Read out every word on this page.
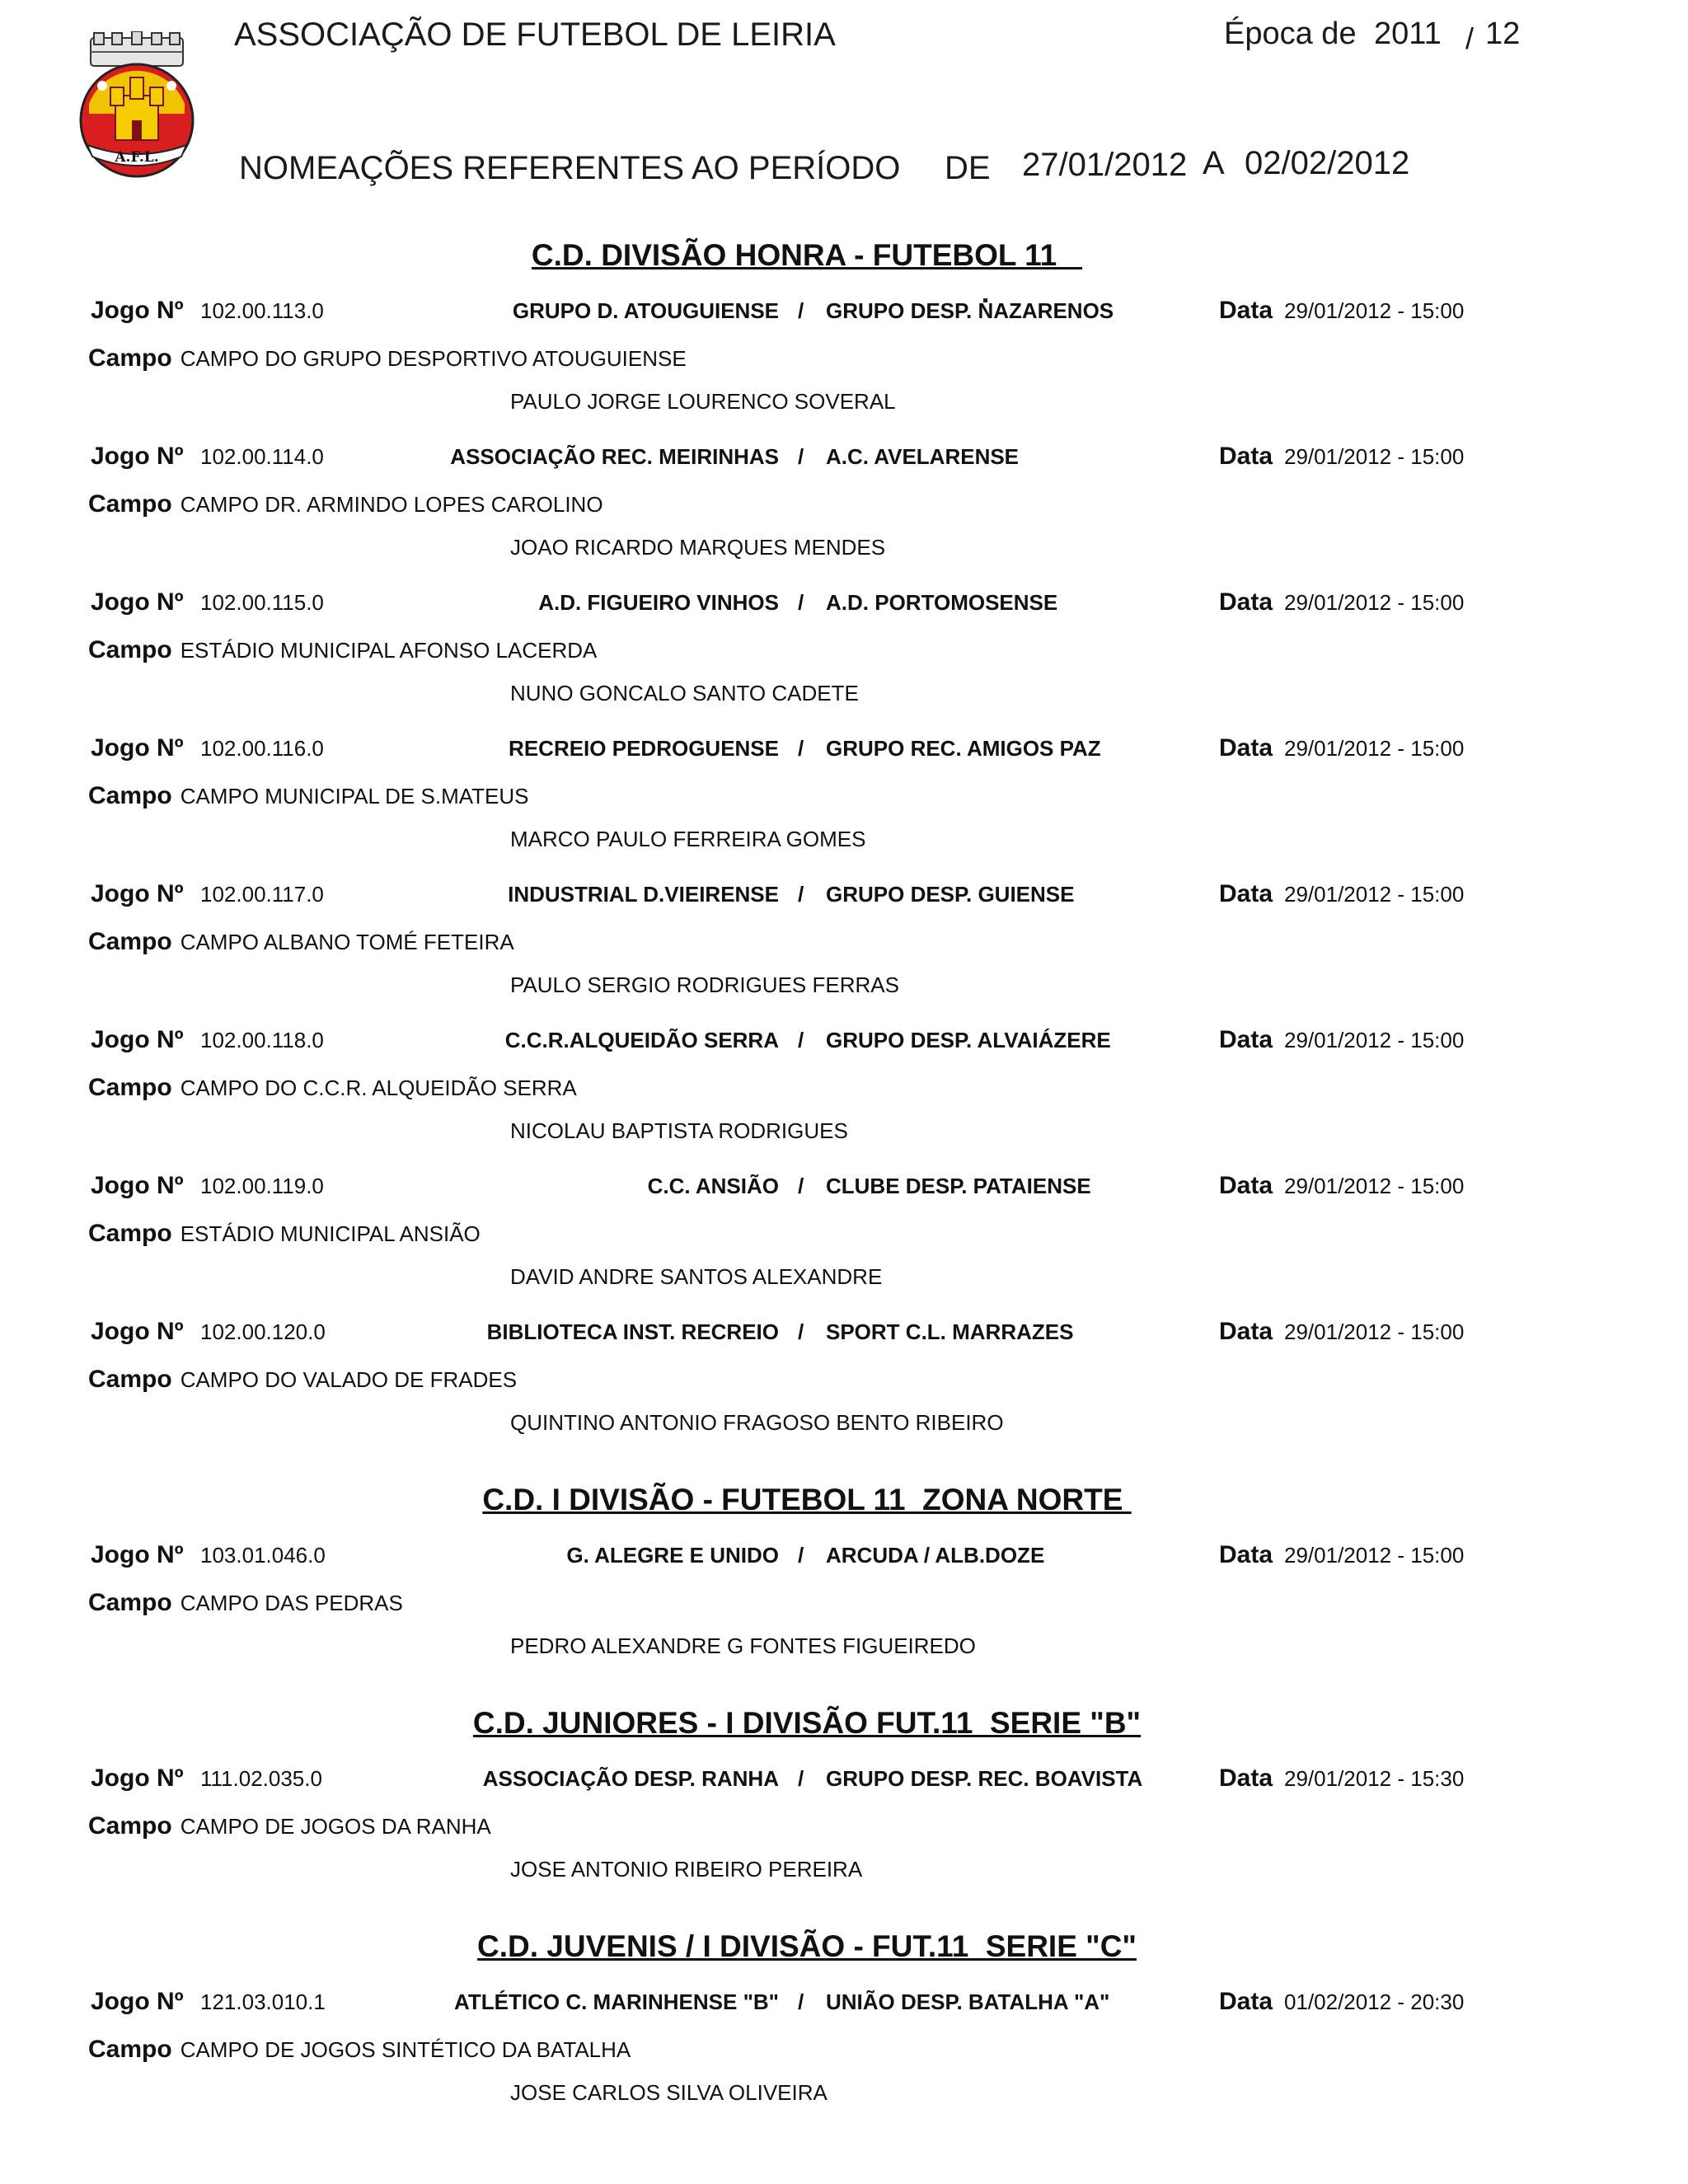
A.F.L.
ASSOCIAÇÃO DE FUTEBOL DE LEIRIA	Época de 2011 / 12
NOMEAÇÕES REFERENTES AO PERÍODO DE 27/01/2012 A 02/02/2012
C.D. DIVISÃO HONRA - FUTEBOL 11
Jogo Nº 102.00.113.0	GRUPO D. ATOUGUIENSE / GRUPO DESP. NAZARENOS	Data 29/01/2012 - 15:00
Campo CAMPO DO GRUPO DESPORTIVO ATOUGUIENSE
PAULO JORGE LOURENCO SOVERAL
Jogo Nº 102.00.114.0	ASSOCIAÇÃO REC. MEIRINHAS / A.C. AVELARENSE	Data 29/01/2012 - 15:00
Campo CAMPO DR. ARMINDO LOPES CAROLINO
JOAO RICARDO MARQUES MENDES
Jogo Nº 102.00.115.0	A.D. FIGUEIRO VINHOS / A.D. PORTOMOSENSE	Data 29/01/2012 - 15:00
Campo ESTÁDIO MUNICIPAL AFONSO LACERDA
NUNO GONCALO SANTO CADETE
Jogo Nº 102.00.116.0	RECREIO PEDROGUENSE / GRUPO REC. AMIGOS PAZ	Data 29/01/2012 - 15:00
Campo CAMPO MUNICIPAL DE S.MATEUS
MARCO PAULO FERREIRA GOMES
Jogo Nº 102.00.117.0	INDUSTRIAL D.VIEIRENSE / GRUPO DESP. GUIENSE	Data 29/01/2012 - 15:00
Campo CAMPO ALBANO TOMÉ FETEIRA
PAULO SERGIO RODRIGUES FERRAS
Jogo Nº 102.00.118.0	C.C.R.ALQUEIDÃO SERRA / GRUPO DESP. ALVAIÁZERE	Data 29/01/2012 - 15:00
Campo CAMPO DO C.C.R. ALQUEIDÃO SERRA
NICOLAU BAPTISTA RODRIGUES
Jogo Nº 102.00.119.0	C.C. ANSIÃO / CLUBE DESP. PATAIENSE	Data 29/01/2012 - 15:00
Campo ESTÁDIO MUNICIPAL ANSIÃO
DAVID ANDRE SANTOS ALEXANDRE
Jogo Nº 102.00.120.0	BIBLIOTECA INST. RECREIO / SPORT C.L. MARRAZES	Data 29/01/2012 - 15:00
Campo CAMPO DO VALADO DE FRADES
QUINTINO ANTONIO FRAGOSO BENTO RIBEIRO
C.D. I DIVISÃO - FUTEBOL 11  ZONA NORTE
Jogo Nº 103.01.046.0	G. ALEGRE E UNIDO / ARCUDA / ALB.DOZE	Data 29/01/2012 - 15:00
Campo CAMPO DAS PEDRAS
PEDRO ALEXANDRE G FONTES FIGUEIREDO
C.D. JUNIORES - I DIVISÃO FUT.11  SERIE "B"
Jogo Nº 111.02.035.0	ASSOCIAÇÃO DESP. RANHA / GRUPO DESP. REC. BOAVISTA	Data 29/01/2012 - 15:30
Campo CAMPO DE JOGOS DA RANHA
JOSE ANTONIO RIBEIRO PEREIRA
C.D. JUVENIS / I DIVISÃO - FUT.11  SERIE "C"
Jogo Nº 121.03.010.1	ATLÉTICO C. MARINHENSE "B" / UNIÃO DESP. BATALHA "A"	Data 01/02/2012 - 20:30
Campo CAMPO DE JOGOS SINTÉTICO DA BATALHA
JOSE CARLOS SILVA OLIVEIRA
